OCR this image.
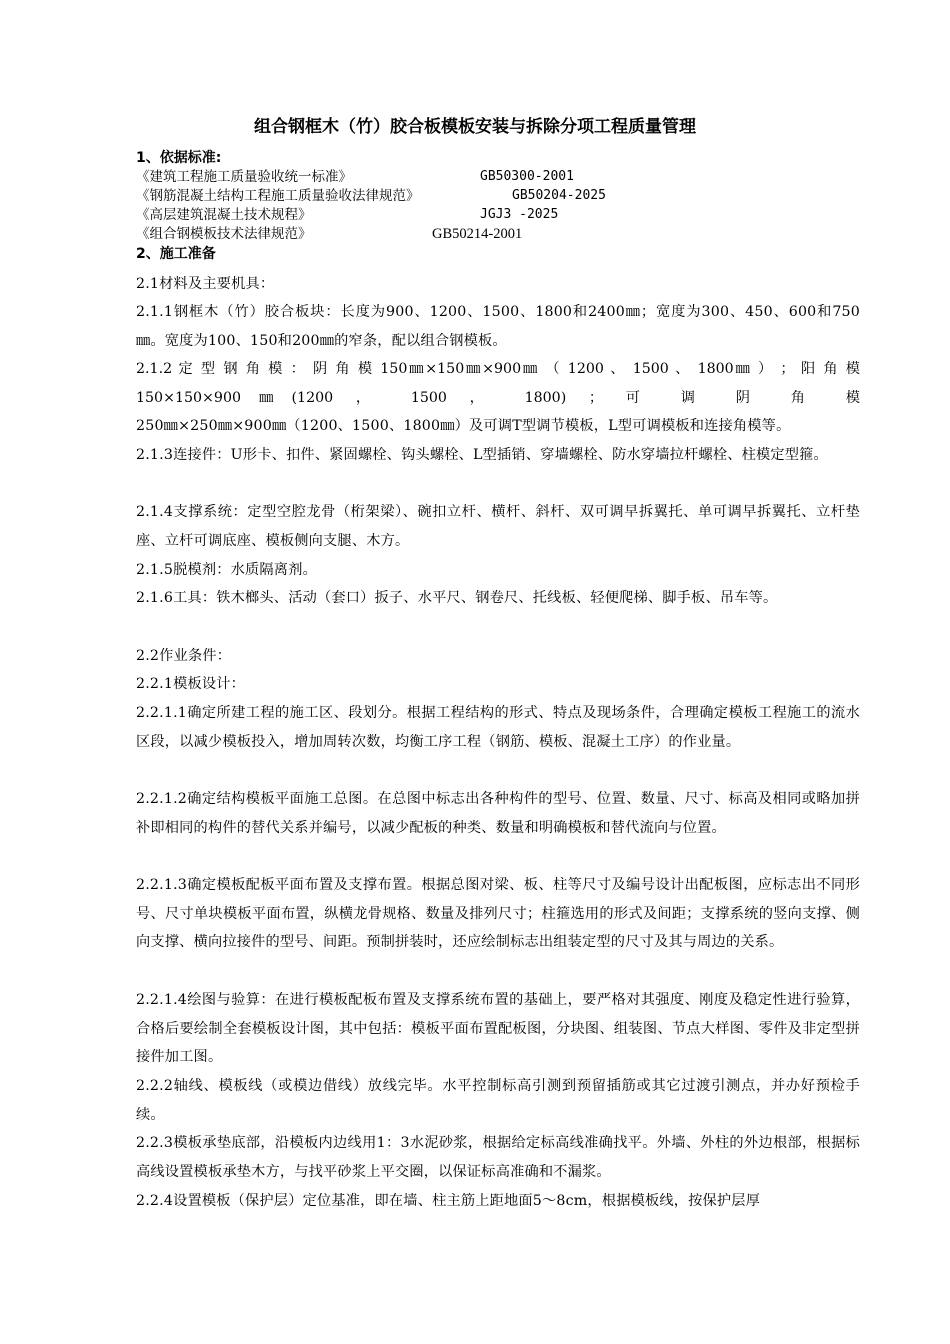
组合钢框木（竹）胶合板模板安装与拆除分项工程质量管理
1、依据标准:
《建筑工程施工质量验收统一标准》	GB50300-2001
《钢筋混凝土结构工程施工质量验收法律规范》	GB50204-2025
《高层建筑混凝土技术规程》	JGJ3 -2025
《组合钢模板技术法律规范》	GB50214-2001
2、施工准备
2.1材料及主要机具：
2.1.1钢框木（竹）胶合板块：长度为900、1200、1500、1800和2400㎜；宽度为300、450、600和750㎜。宽度为100、150和200㎜的窄条，配以组合钢模板。
2.1.2 定 型 钢 角 模 ： 阴 角 模 150㎜×150㎜×900㎜ （ 1200 、 1500 、 1800㎜ ） ； 阳 角 模
150×150×900㎜(1200 ， 1500 ， 1800) ； 可 调 阴 角 模
250㎜×250㎜×900㎜（1200、1500、1800㎜）及可调T型调节模板，L型可调模板和连接角模等。
2.1.3连接件：U形卡、扣件、紧固螺栓、钩头螺栓、L型插销、穿墙螺栓、防水穿墙拉杆螺栓、柱模定型箍。
2.1.4支撑系统：定型空腔龙骨（桁架梁）、碗扣立杆、横杆、斜杆、双可调早拆翼托、单可调早拆翼托、立杆垫座、立杆可调底座、模板侧向支腿、木方。
2.1.5脱模剂：水质隔离剂。
2.1.6工具：铁木榔头、活动（套口）扳子、水平尺、钢卷尺、托线板、轻便爬梯、脚手板、吊车等。
2.2作业条件：
2.2.1模板设计：
2.2.1.1确定所建工程的施工区、段划分。根据工程结构的形式、特点及现场条件，合理确定模板工程施工的流水区段，以减少模板投入，增加周转次数，均衡工序工程（钢筋、模板、混凝土工序）的作业量。
2.2.1.2确定结构模板平面施工总图。在总图中标志出各种构件的型号、位置、数量、尺寸、标高及相同或略加拼补即相同的构件的替代关系并编号，以减少配板的种类、数量和明确模板和替代流向与位置。
2.2.1.3确定模板配板平面布置及支撑布置。根据总图对梁、板、柱等尺寸及编号设计出配板图，应标志出不同形号、尺寸单块模板平面布置，纵横龙骨规格、数量及排列尺寸；柱箍选用的形式及间距；支撑系统的竖向支撑、侧向支撑、横向拉接件的型号、间距。预制拼装时，还应绘制标志出组装定型的尺寸及其与周边的关系。
2.2.1.4绘图与验算：在进行模板配板布置及支撑系统布置的基础上，要严格对其强度、刚度及稳定性进行验算，合格后要绘制全套模板设计图，其中包括：模板平面布置配板图，分块图、组装图、节点大样图、零件及非定型拼接件加工图。
2.2.2轴线、模板线（或模边借线）放线完毕。水平控制标高引测到预留插筋或其它过渡引测点，并办好预检手续。
2.2.3模板承垫底部，沿模板内边线用1：3水泥砂浆，根据给定标高线准确找平。外墙、外柱的外边根部，根据标高线设置模板承垫木方，与找平砂浆上平交圈，以保证标高准确和不漏浆。
2.2.4设置模板（保护层）定位基准，即在墙、柱主筋上距地面5～8cm，根据模板线，按保护层厚
